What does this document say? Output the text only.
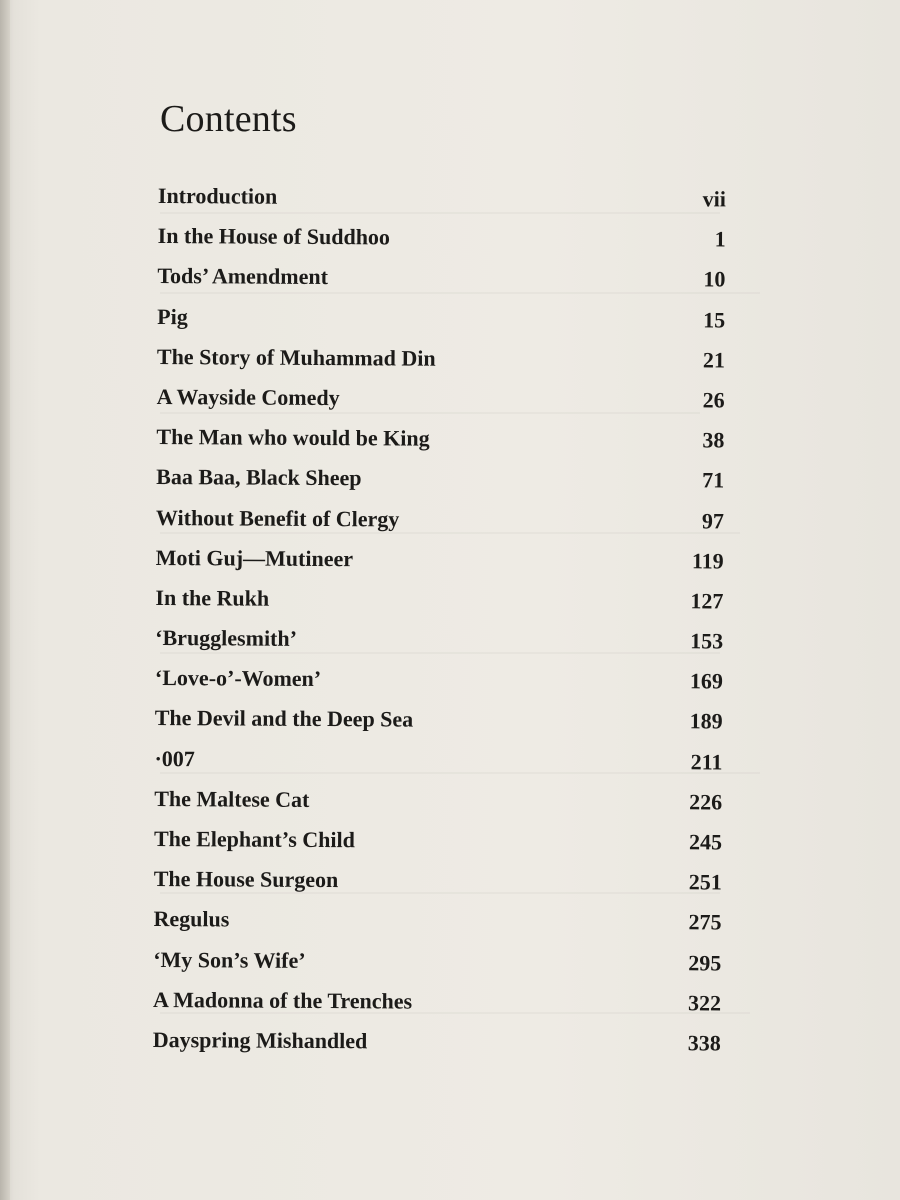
Contents
Introduction	vii
In the House of Suddhoo	1
Tods’ Amendment	10
Pig	15
The Story of Muhammad Din	21
A Wayside Comedy	26
The Man who would be King	38
Baa Baa, Black Sheep	71
Without Benefit of Clergy	97
Moti Guj—Mutineer	119
In the Rukh	127
‘Brugglesmith’	153
‘Love-o’-Women’	169
The Devil and the Deep Sea	189
·007	211
The Maltese Cat	226
The Elephant’s Child	245
The House Surgeon	251
Regulus	275
‘My Son’s Wife’	295
A Madonna of the Trenches	322
Dayspring Mishandled	338
